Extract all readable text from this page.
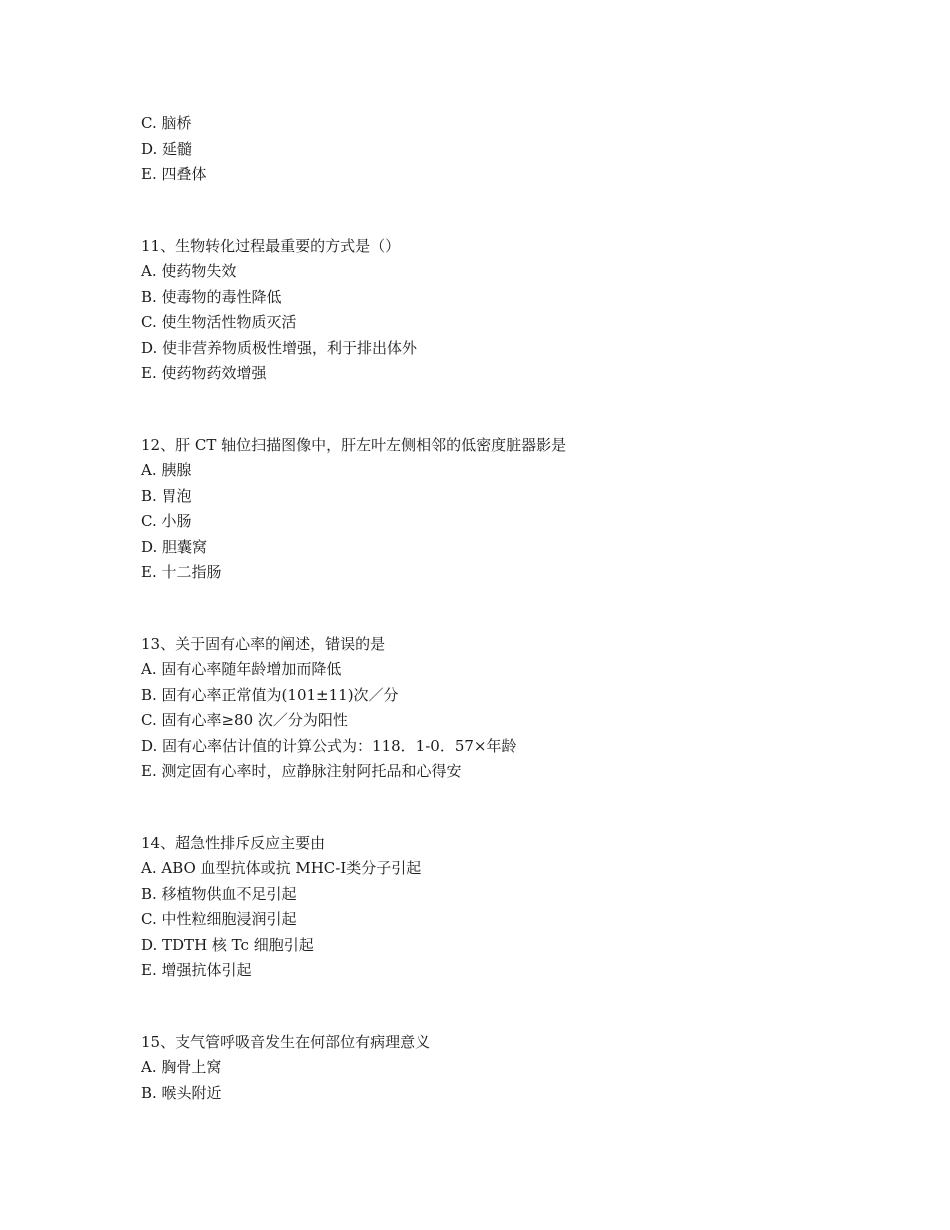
C. 脑桥
D. 延髓
E. 四叠体
11、生物转化过程最重要的方式是（）
A. 使药物失效
B. 使毒物的毒性降低
C. 使生物活性物质灭活
D. 使非营养物质极性增强，利于排出体外
E. 使药物药效增强
12、肝 CT 轴位扫描图像中，肝左叶左侧相邻的低密度脏器影是
A. 胰腺
B. 胃泡
C. 小肠
D. 胆囊窝
E. 十二指肠
13、关于固有心率的阐述，错误的是
A. 固有心率随年龄增加而降低
B. 固有心率正常值为(101±11)次／分
C. 固有心率≥80 次／分为阳性
D. 固有心率估计值的计算公式为：118．1-0．57×年龄
E. 测定固有心率时，应静脉注射阿托品和心得安
14、超急性排斥反应主要由
A. ABO 血型抗体或抗 MHC-Ⅰ类分子引起
B. 移植物供血不足引起
C. 中性粒细胞浸润引起
D. TDTH 核 Tc 细胞引起
E. 增强抗体引起
15、支气管呼吸音发生在何部位有病理意义
A. 胸骨上窝
B. 喉头附近
